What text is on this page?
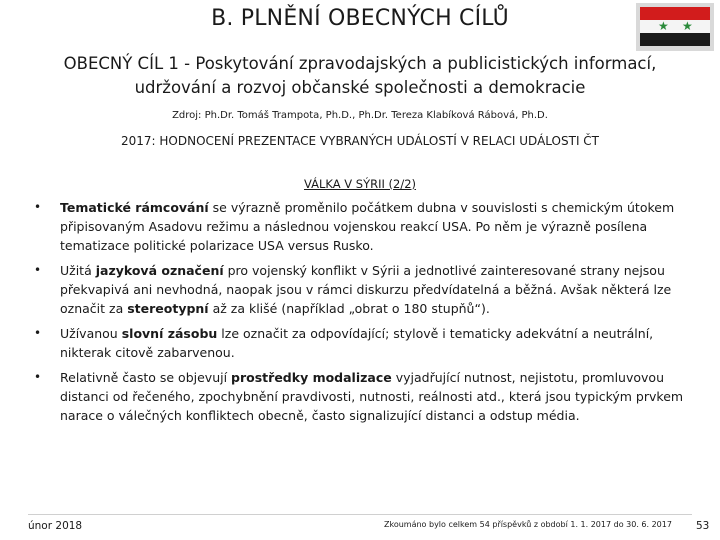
B. PLNĚNÍ OBECNÝCH CÍLŮ	★ ★
OBECNÝ CÍL 1 - Poskytování zpravodajských a publicistických informací,
udržování a rozvoj občanské společnosti a demokracie
Zdroj: Ph.Dr. Tomáš Trampota, Ph.D., Ph.Dr. Tereza Klabíková Rábová, Ph.D.
2017: HODNOCENÍ PREZENTACE VYBRANÝCH UDÁLOSTÍ V RELACI UDÁLOSTI ČT
VÁLKA V SÝRII (2/2)
• Tematické rámcování se výrazně proměnilo počátkem dubna v souvislosti s chemickým útokem připisovaným Asadovu režimu a následnou vojenskou reakcí USA. Po něm je výrazně posílena tematizace politické polarizace USA versus Rusko.
• Užitá jazyková označení pro vojenský konflikt v Sýrii a jednotlivé zainteresované strany nejsou překvapivá ani nevhodná, naopak jsou v rámci diskurzu předvídatelná a běžná. Avšak některá lze označit za stereotypní až za klišé (například „obrat o 180 stupňů“).
• Užívanou slovní zásobu lze označit za odpovídající; stylově i tematicky adekvátní a neutrální, nikterak citově zabarvenou.
• Relativně často se objevují prostředky modalizace vyjadřující nutnost, nejistotu, promluvovou distanci od řečeného, zpochybnění pravdivosti, nutnosti, reálnosti atd., která jsou typickým prvkem narace o válečných konfliktech obecně, často signalizující distanci a odstup média.
únor 2018	Zkoumáno bylo celkem 54 příspěvků z období 1. 1. 2017 do 30. 6. 2017 53
